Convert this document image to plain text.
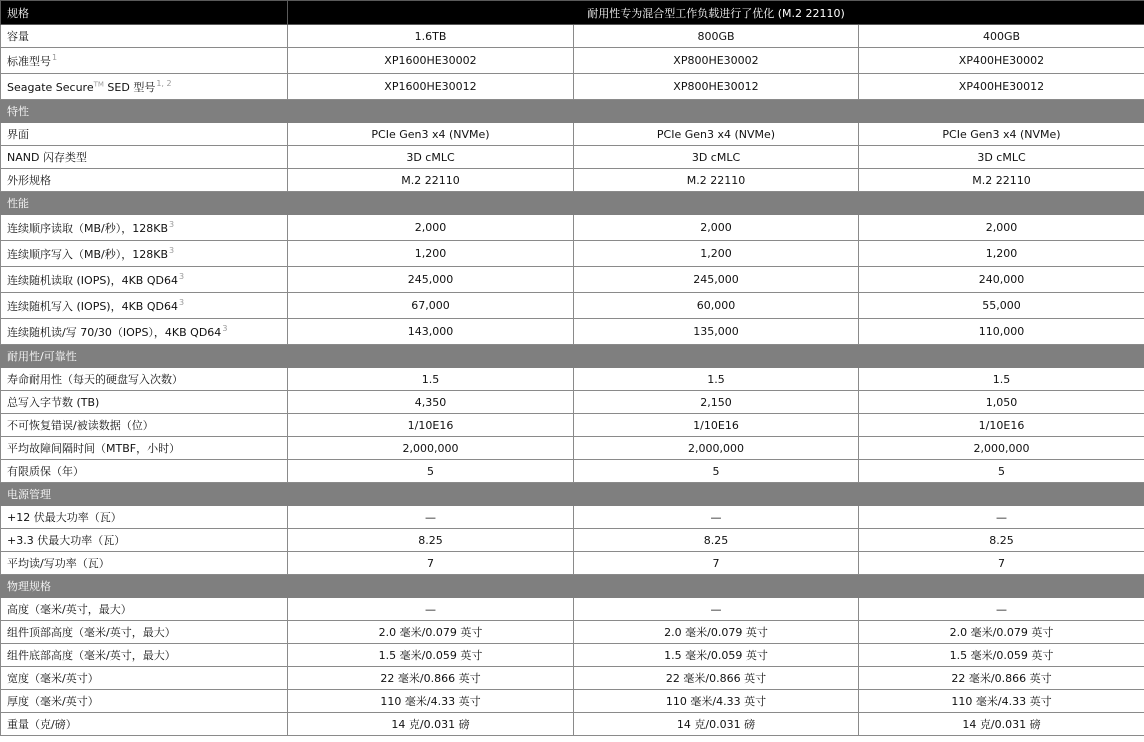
规格	耐用性专为混合型工作负载进行了优化 (M.2 22110)		
容量	1.6TB	800GB	400GB
标准型号$^1$	XP1600HE30002	XP800HE30002	XP400HE30002
Seagate Secure™ SED 型号$^{1, 2}$	XP1600HE30012	XP800HE30012	XP400HE30012
特性			
界面	PCIe Gen3 x4 (NVMe)	PCIe Gen3 x4 (NVMe)	PCIe Gen3 x4 (NVMe)
NAND 闪存类型	3D cMLC	3D cMLC	3D cMLC
外形规格	M.2 22110	M.2 22110	M.2 22110
性能			
连续顺序读取（MB/秒），128KB$^3$	2,000	2,000	2,000
连续顺序写入（MB/秒），128KB$^3$	1,200	1,200	1,200
连续随机读取 (IOPS)，4KB QD64$^3$	245,000	245,000	240,000
连续随机写入 (IOPS)，4KB QD64$^3$	67,000	60,000	55,000
连续随机读/写 70/30（IOPS），4KB QD64$^3$	143,000	135,000	110,000
耐用性/可靠性			
寿命耐用性（每天的硬盘写入次数）	1.5	1.5	1.5
总写入字节数 (TB)	4,350	2,150	1,050
不可恢复错误/被读数据（位）	1/10E16	1/10E16	1/10E16
平均故障间隔时间（MTBF，小时）	2,000,000	2,000,000	2,000,000
有限质保（年）	5	5	5
电源管理			
+12 伏最大功率（瓦）	—	—	—
+3.3 伏最大功率（瓦）	8.25	8.25	8.25
平均读/写功率（瓦）	7	7	7
物理规格			
高度（毫米/英寸，最大）	—	—	—
组件顶部高度（毫米/英寸，最大）	2.0 毫米/0.079 英寸	2.0 毫米/0.079 英寸	2.0 毫米/0.079 英寸
组件底部高度（毫米/英寸，最大）	1.5 毫米/0.059 英寸	1.5 毫米/0.059 英寸	1.5 毫米/0.059 英寸
宽度（毫米/英寸）	22 毫米/0.866 英寸	22 毫米/0.866 英寸	22 毫米/0.866 英寸
厚度（毫米/英寸）	110 毫米/4.33 英寸	110 毫米/4.33 英寸	110 毫米/4.33 英寸
重量（克/磅）	14 克/0.031 磅	14 克/0.031 磅	14 克/0.031 磅
